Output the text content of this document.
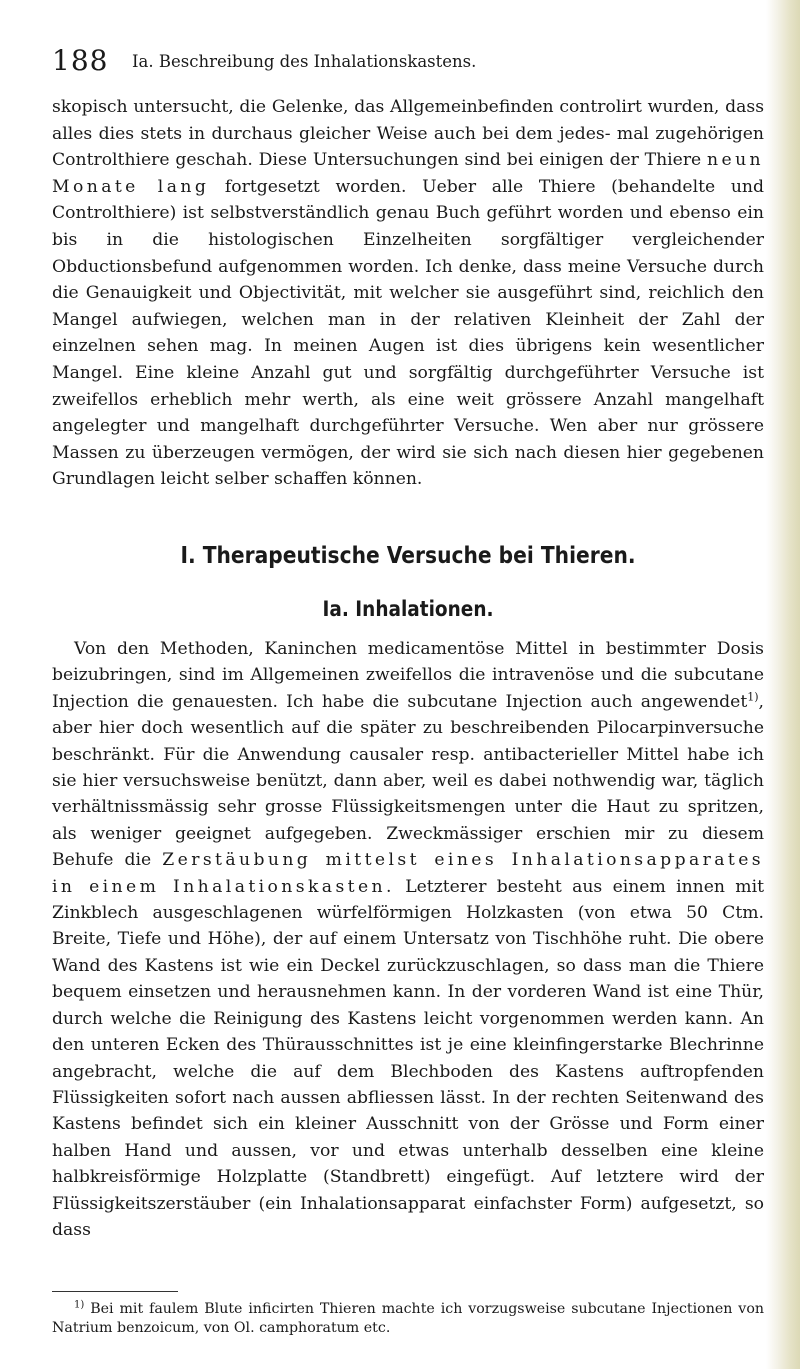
188 Ia. Beschreibung des Inhalationskastens.

skopisch untersucht, die Gelenke, das Allgemeinbefinden controlirt wurden, dass alles dies stets in durchaus gleicher Weise auch bei dem jedes- mal zugehörigen Controlthiere geschah. Diese Untersuchungen sind bei einigen der Thiere neun Monate lang fortgesetzt worden. Ueber alle Thiere (behandelte und Controlthiere) ist selbstverständlich genau Buch geführt worden und ebenso ein bis in die histologischen Einzelheiten sorgfältiger vergleichender Obductionsbefund aufgenommen worden. Ich denke, dass meine Versuche durch die Genauigkeit und Objectivität, mit welcher sie ausgeführt sind, reichlich den Mangel aufwiegen, welchen man in der relativen Kleinheit der Zahl der einzelnen sehen mag. In meinen Augen ist dies übrigens kein wesentlicher Mangel. Eine kleine Anzahl gut und sorgfältig durchgeführter Versuche ist zweifellos erheblich mehr werth, als eine weit grössere Anzahl mangelhaft angelegter und mangelhaft durchgeführter Versuche. Wen aber nur grössere Massen zu überzeugen vermögen, der wird sie sich nach diesen hier gegebenen Grundlagen leicht selber schaffen können.

I. Therapeutische Versuche bei Thieren.
Ia. Inhalationen.

Von den Methoden, Kaninchen medicamentöse Mittel in bestimmter Dosis beizubringen, sind im Allgemeinen zweifellos die intravenöse und die subcutane Injection die genauesten. Ich habe die subcutane Injection auch angewendet$^{1)}$, aber hier doch wesentlich auf die später zu beschreibenden Pilocarpinversuche beschränkt. Für die Anwendung causaler resp. antibacterieller Mittel habe ich sie hier versuchsweise benützt, dann aber, weil es dabei nothwendig war, täglich verhältnissmässig sehr grosse Flüssigkeitsmengen unter die Haut zu spritzen, als weniger geeignet aufgegeben. Zweckmässiger erschien mir zu diesem Behufe die Zerstäubung mittelst eines Inhalationsapparates in einem Inhalationskasten. Letzterer besteht aus einem innen mit Zinkblech ausgeschlagenen würfelförmigen Holzkasten (von etwa 50 Ctm. Breite, Tiefe und Höhe), der auf einem Untersatz von Tischhöhe ruht. Die obere Wand des Kastens ist wie ein Deckel zurückzuschlagen, so dass man die Thiere bequem einsetzen und herausnehmen kann. In der vorderen Wand ist eine Thür, durch welche die Reinigung des Kastens leicht vorgenommen werden kann. An den unteren Ecken des Thürausschnittes ist je eine kleinfingerstarke Blechrinne angebracht, welche die auf dem Blechboden des Kastens auftropfenden Flüssigkeiten sofort nach aussen abfliessen lässt. In der rechten Seitenwand des Kastens befindet sich ein kleiner Ausschnitt von der Grösse und Form einer halben Hand und aussen, vor und etwas unterhalb desselben eine kleine halbkreisförmige Holzplatte (Standbrett) eingefügt. Auf letztere wird der Flüssigkeitszerstäuber (ein Inhalationsapparat einfachster Form) aufgesetzt, so dass

$^{1)}$ Bei mit faulem Blute inficirten Thieren machte ich vorzugsweise subcutane Injectionen von Natrium benzoicum, von Ol. camphoratum etc.
